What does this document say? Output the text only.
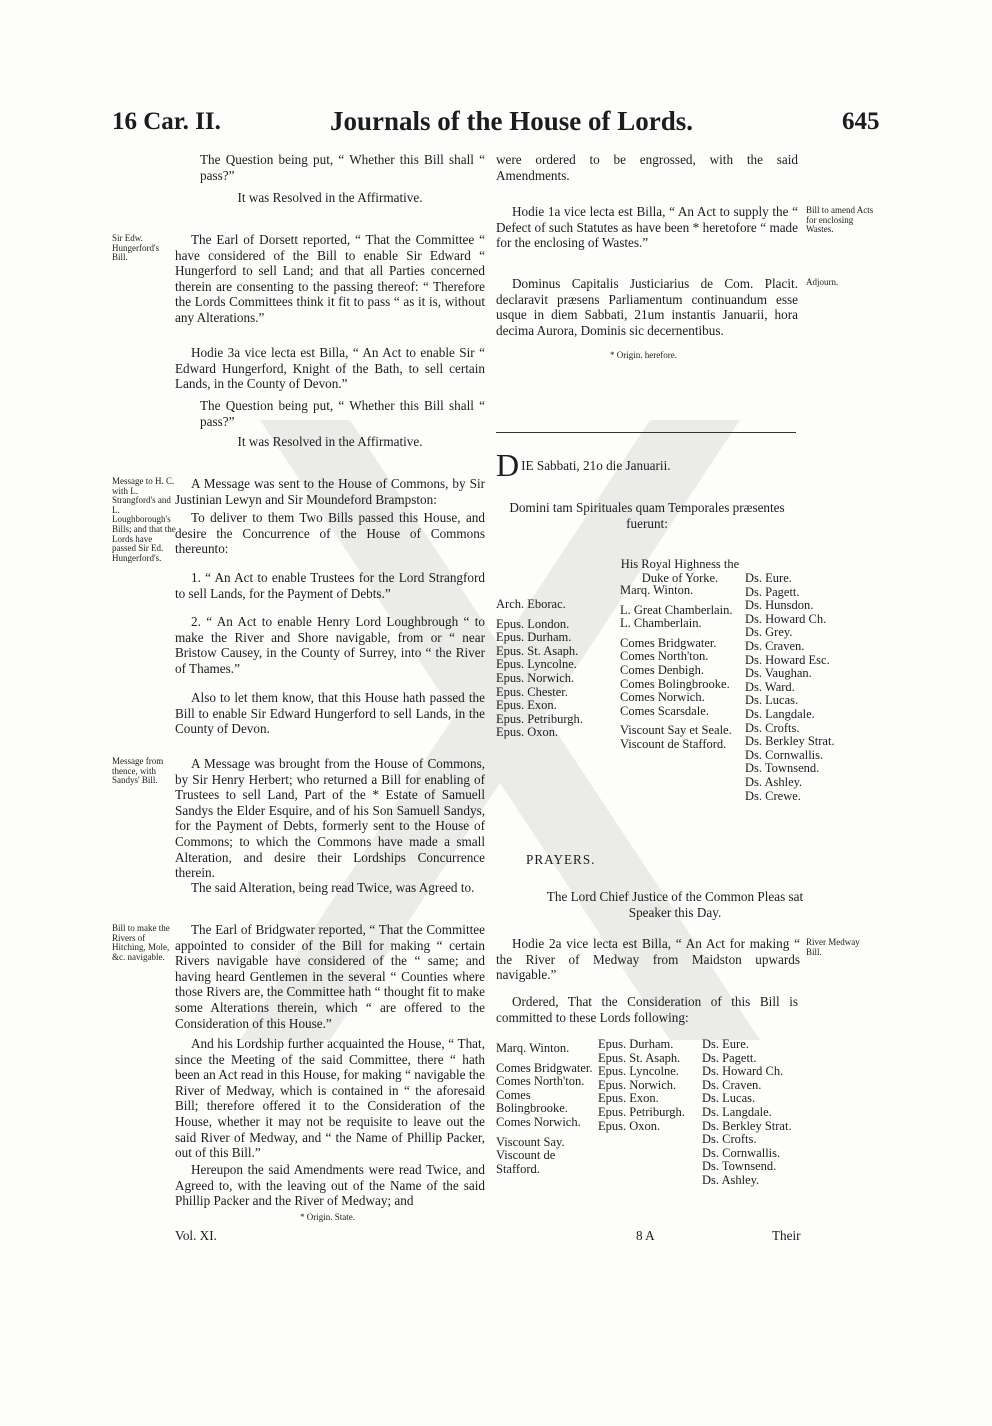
16 Car. II.	Journals of the House of Lords.	645
The Question being put, “ Whether this Bill shall “ pass?”
It was Resolved in the Affirmative.
Sir Edw. Hungerford's Bill.
The Earl of Dorsett reported, “ That the Committee “ have considered of the Bill to enable Sir Edward “ Hungerford to sell Land; and that all Parties concerned therein are consenting to the passing thereof: “ Therefore the Lords Committees think it fit to pass “ as it is, without any Alterations.”
Hodie 3a vice lecta est Billa, “ An Act to enable Sir “ Edward Hungerford, Knight of the Bath, to sell certain Lands, in the County of Devon.”
The Question being put, “ Whether this Bill shall “ pass?”
It was Resolved in the Affirmative.
Message to H. C. with L. Strangford's and L. Loughborough's Bills; and that the Lords have passed Sir Ed. Hungerford's.
A Message was sent to the House of Commons, by Sir Justinian Lewyn and Sir Moundeford Brampston:
To deliver to them Two Bills passed this House, and desire the Concurrence of the House of Commons thereunto:
1. “ An Act to enable Trustees for the Lord Strangford to sell Lands, for the Payment of Debts.”
2. “ An Act to enable Henry Lord Loughbrough “ to make the River and Shore navigable, from or “ near Bristow Causey, in the County of Surrey, into “ the River of Thames.”
Also to let them know, that this House hath passed the Bill to enable Sir Edward Hungerford to sell Lands, in the County of Devon.
Message from thence, with Sandys' Bill.
A Message was brought from the House of Commons, by Sir Henry Herbert; who returned a Bill for enabling of Trustees to sell Land, Part of the * Estate of Samuell Sandys the Elder Esquire, and of his Son Samuell Sandys, for the Payment of Debts, formerly sent to the House of Commons; to which the Commons have made a small Alteration, and desire their Lordships Concurrence therein.
The said Alteration, being read Twice, was Agreed to.
Bill to make the Rivers of Hitching, Mole, &c. navigable.
The Earl of Bridgwater reported, “ That the Committee appointed to consider of the Bill for making “ certain Rivers navigable have considered of the “ same; and having heard Gentlemen in the several “ Counties where those Rivers are, the Committee hath “ thought fit to make some Alterations therein, which “ are offered to the Consideration of this House.”
And his Lordship further acquainted the House, “ That, since the Meeting of the said Committee, there “ hath been an Act read in this House, for making “ navigable the River of Medway, which is contained in “ the aforesaid Bill; therefore offered it to the Consideration of the House, whether it may not be requisite to leave out the said River of Medway, and “ the Name of Phillip Packer, out of this Bill.”
Hereupon the said Amendments were read Twice, and Agreed to, with the leaving out of the Name of the said Phillip Packer and the River of Medway; and
* Origin. State.
Vol. XI.
were ordered to be engrossed, with the said Amendments.
Hodie 1a vice lecta est Billa, “ An Act to supply the “ Defect of such Statutes as have been * heretofore “ made for the enclosing of Wastes.”
Bill to amend Acts for enclosing Wastes.
Dominus Capitalis Justiciarius de Com. Placit. declaravit præsens Parliamentum continuandum esse usque in diem Sabbati, 21um instantis Januarii, hora decima Aurora, Dominis sic decernentibus.
Adjourn.
* Origin. herefore.
D IE Sabbati, 21o die Januarii.
Domini tam Spirituales quam Temporales præsentes fuerunt:
His Royal Highness the Duke of Yorke.
Arch. Eborac.

Epus. London.
Epus. Durham.
Epus. St. Asaph.
Epus. Lyncolne.
Epus. Norwich.
Epus. Chester.
Epus. Exon.
Epus. Petriburgh.
Epus. Oxon.
Marq. Winton.

L. Great Chamberlain.
L. Chamberlain.

Comes Bridgwater.
Comes North'ton.
Comes Denbigh.
Comes Bolingbrooke.
Comes Norwich.
Comes Scarsdale.

Viscount Say et Seale.
Viscount de Stafford.
Ds. Eure.
Ds. Pagett.
Ds. Hunsdon.
Ds. Howard Ch.
Ds. Grey.
Ds. Craven.
Ds. Howard Esc.
Ds. Vaughan.
Ds. Ward.
Ds. Lucas.
Ds. Langdale.
Ds. Crofts.
Ds. Berkley Strat.
Ds. Cornwallis.
Ds. Townsend.
Ds. Ashley.
Ds. Crewe.
PRAYERS.
The Lord Chief Justice of the Common Pleas sat Speaker this Day.
Hodie 2a vice lecta est Billa, “ An Act for making “ the River of Medway from Maidston upwards navigable.”
River Medway Bill.
Ordered, That the Consideration of this Bill is committed to these Lords following:
Marq. Winton.

Comes Bridgwater.
Comes North'ton.
Comes Bolingbrooke.
Comes Norwich.

Viscount Say.
Viscount de Stafford.
Epus. Durham.
Epus. St. Asaph.
Epus. Lyncolne.
Epus. Norwich.
Epus. Exon.
Epus. Petriburgh.
Epus. Oxon.
Ds. Eure.
Ds. Pagett.
Ds. Howard Ch.
Ds. Craven.
Ds. Lucas.
Ds. Langdale.
Ds. Berkley Strat.
Ds. Crofts.
Ds. Cornwallis.
Ds. Townsend.
Ds. Ashley.
8 A	Their
